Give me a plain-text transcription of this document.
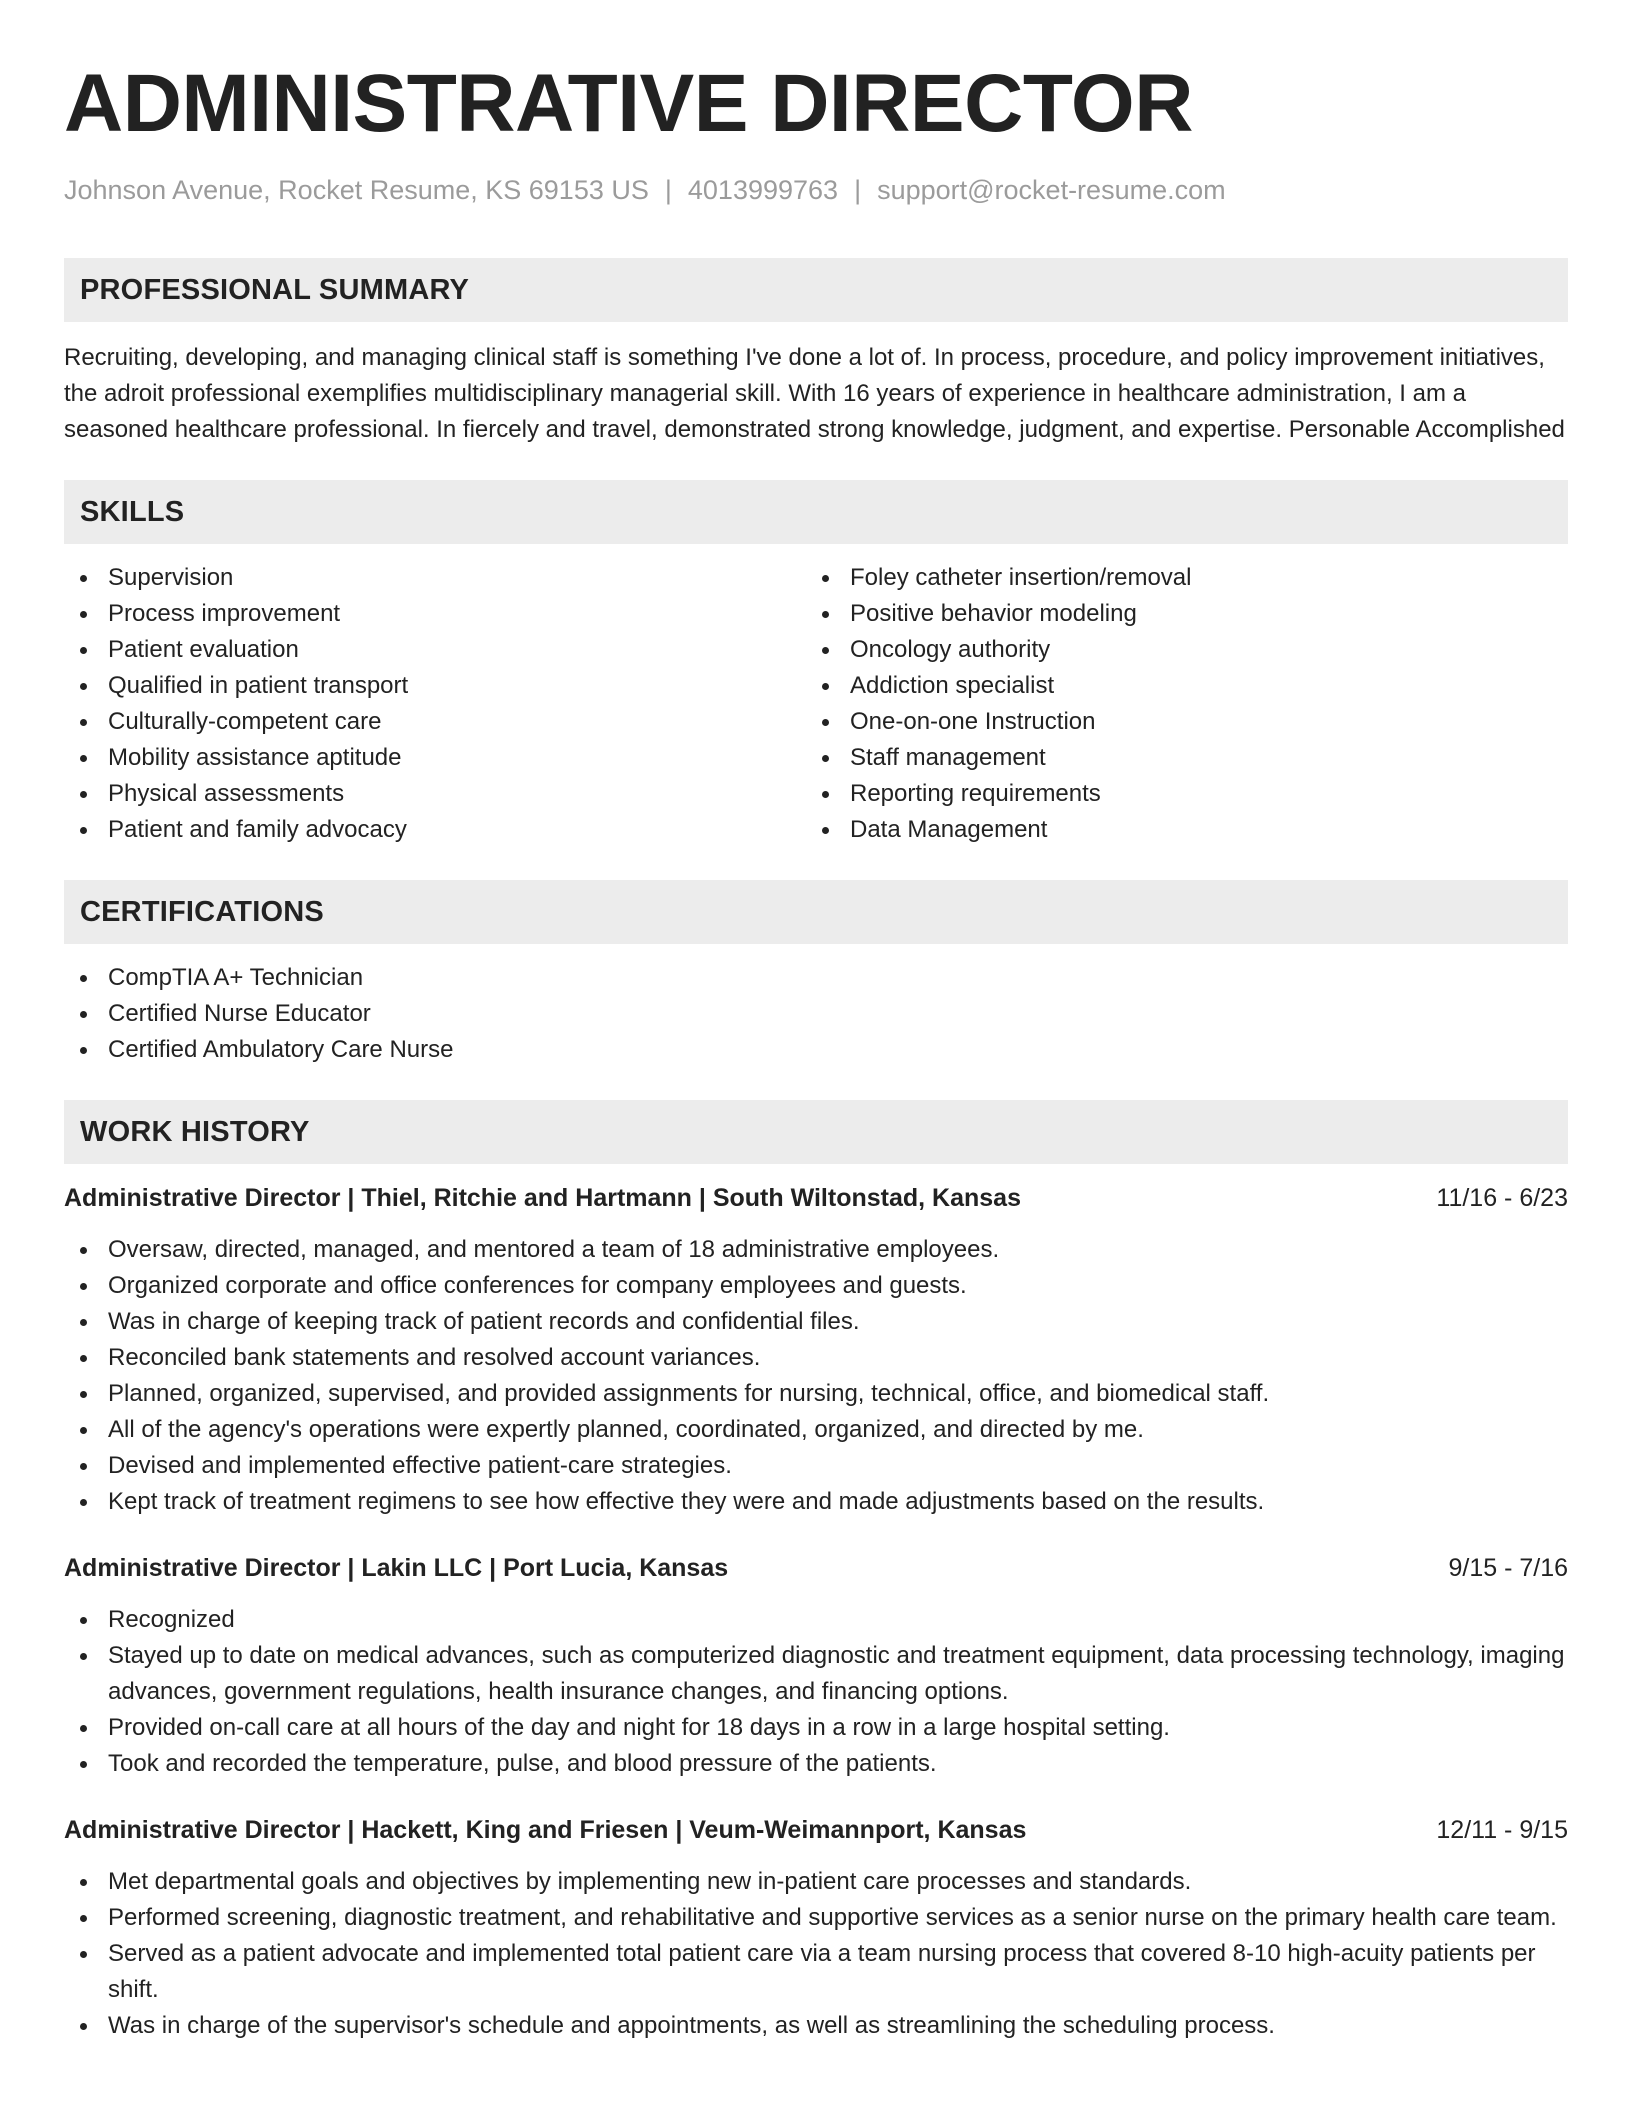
ADMINISTRATIVE DIRECTOR
Johnson Avenue, Rocket Resume, KS 69153 US | 4013999763 | support@rocket-resume.com
PROFESSIONAL SUMMARY
Recruiting, developing, and managing clinical staff is something I've done a lot of. In process, procedure, and policy improvement initiatives, the adroit professional exemplifies multidisciplinary managerial skill. With 16 years of experience in healthcare administration, I am a seasoned healthcare professional. In fiercely and travel, demonstrated strong knowledge, judgment, and expertise. Personable Accomplished
SKILLS
Supervision
Process improvement
Patient evaluation
Qualified in patient transport
Culturally-competent care
Mobility assistance aptitude
Physical assessments
Patient and family advocacy
Foley catheter insertion/removal
Positive behavior modeling
Oncology authority
Addiction specialist
One-on-one Instruction
Staff management
Reporting requirements
Data Management
CERTIFICATIONS
CompTIA A+ Technician
Certified Nurse Educator
Certified Ambulatory Care Nurse
WORK HISTORY
Administrative Director | Thiel, Ritchie and Hartmann | South Wiltonstad, Kansas	11/16 - 6/23
Oversaw, directed, managed, and mentored a team of 18 administrative employees.
Organized corporate and office conferences for company employees and guests.
Was in charge of keeping track of patient records and confidential files.
Reconciled bank statements and resolved account variances.
Planned, organized, supervised, and provided assignments for nursing, technical, office, and biomedical staff.
All of the agency's operations were expertly planned, coordinated, organized, and directed by me.
Devised and implemented effective patient-care strategies.
Kept track of treatment regimens to see how effective they were and made adjustments based on the results.
Administrative Director | Lakin LLC | Port Lucia, Kansas	9/15 - 7/16
Recognized
Stayed up to date on medical advances, such as computerized diagnostic and treatment equipment, data processing technology, imaging advances, government regulations, health insurance changes, and financing options.
Provided on-call care at all hours of the day and night for 18 days in a row in a large hospital setting.
Took and recorded the temperature, pulse, and blood pressure of the patients.
Administrative Director | Hackett, King and Friesen | Veum-Weimannport, Kansas	12/11 - 9/15
Met departmental goals and objectives by implementing new in-patient care processes and standards.
Performed screening, diagnostic treatment, and rehabilitative and supportive services as a senior nurse on the primary health care team.
Served as a patient advocate and implemented total patient care via a team nursing process that covered 8-10 high-acuity patients per shift.
Was in charge of the supervisor's schedule and appointments, as well as streamlining the scheduling process.
